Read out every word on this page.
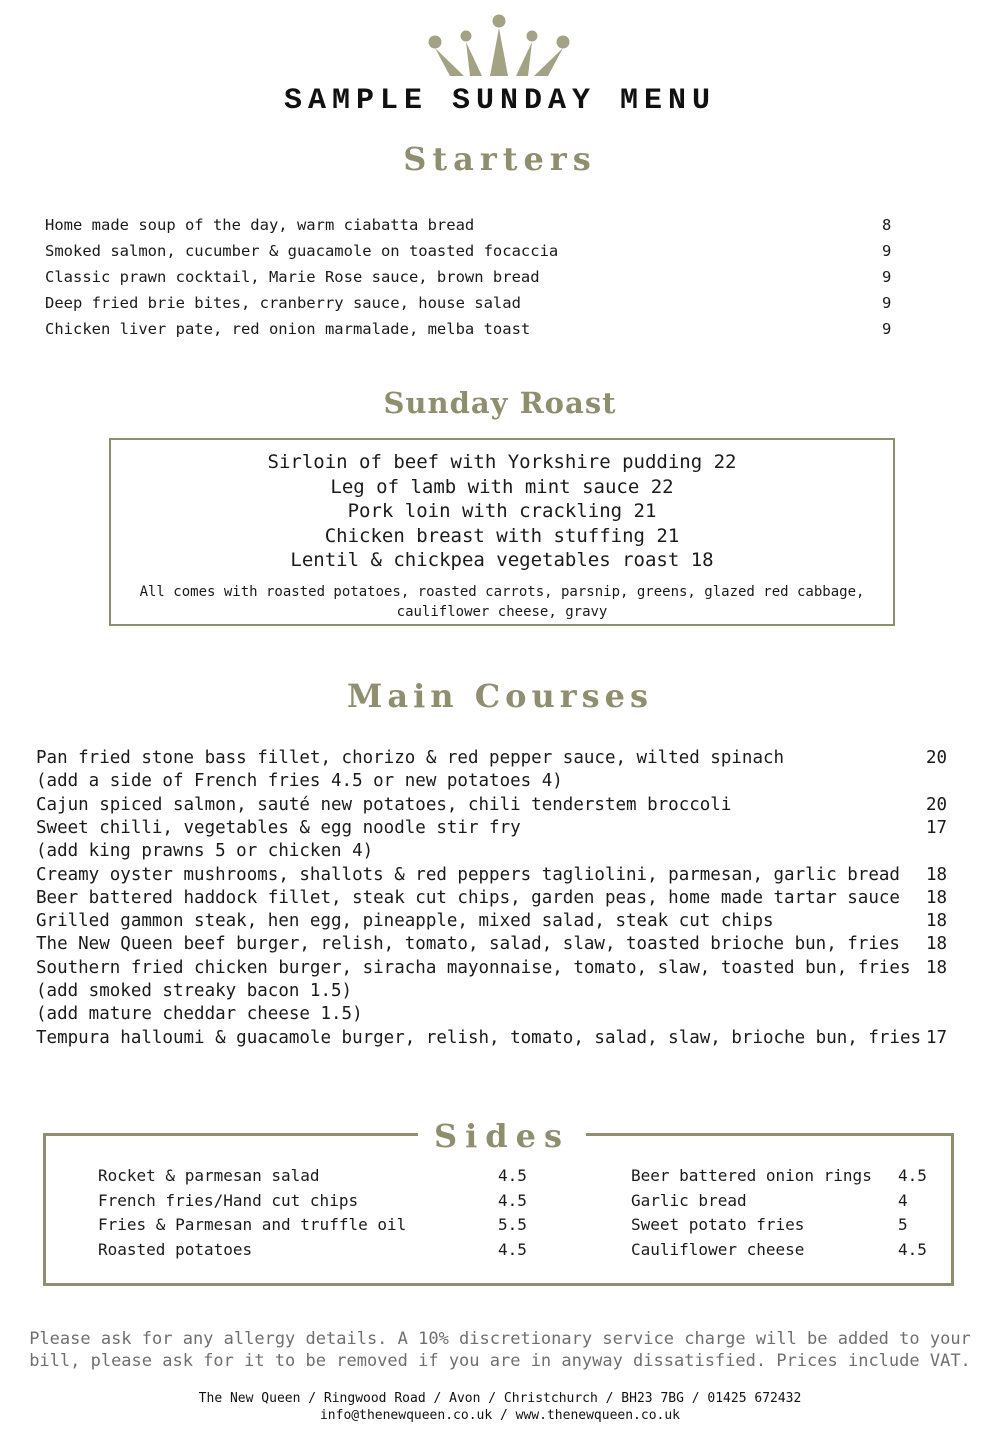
SAMPLE SUNDAY MENU
Starters
Home made soup of the day, warm ciabatta bread	8
Smoked salmon, cucumber & guacamole on toasted focaccia	9
Classic prawn cocktail, Marie Rose sauce, brown bread	9
Deep fried brie bites, cranberry sauce, house salad	9
Chicken liver pate, red onion marmalade, melba toast	9
Sunday Roast
Sirloin of beef with Yorkshire pudding 22
Leg of lamb with mint sauce 22
Pork loin with crackling 21
Chicken breast with stuffing 21
Lentil & chickpea vegetables roast 18
All comes with roasted potatoes, roasted carrots, parsnip, greens, glazed red cabbage,
cauliflower cheese, gravy
Main Courses
Pan fried stone bass fillet, chorizo & red pepper sauce, wilted spinach	20
(add a side of French fries 4.5 or new potatoes 4)
Cajun spiced salmon, sauté new potatoes, chili tenderstem broccoli	20
Sweet chilli, vegetables & egg noodle stir fry	17
(add king prawns 5 or chicken 4)
Creamy oyster mushrooms, shallots & red peppers tagliolini, parmesan, garlic bread 18
Beer battered haddock fillet, steak cut chips, garden peas, home made tartar sauce 18
Grilled gammon steak, hen egg, pineapple, mixed salad, steak cut chips	18
The New Queen beef burger, relish, tomato, salad, slaw, toasted brioche bun, fries 18
Southern fried chicken burger, siracha mayonnaise, tomato, slaw, toasted bun, fries 18
(add smoked streaky bacon 1.5)
(add mature cheddar cheese 1.5)
Tempura halloumi & guacamole burger, relish, tomato, salad, slaw, brioche bun, fries 17
Sides
Rocket & parmesan salad	4.5
French fries/Hand cut chips	4.5
Fries & Parmesan and truffle oil	5.5
Roasted potatoes	4.5
Beer battered onion rings 4.5
Garlic bread	4
Sweet potato fries	5
Cauliflower cheese	4.5
Please ask for any allergy details. A 10% discretionary service charge will be added to your
bill, please ask for it to be removed if you are in anyway dissatisfied. Prices include VAT.
The New Queen / Ringwood Road / Avon / Christchurch / BH23 7BG / 01425 672432
info@thenewqueen.co.uk / www.thenewqueen.co.uk
